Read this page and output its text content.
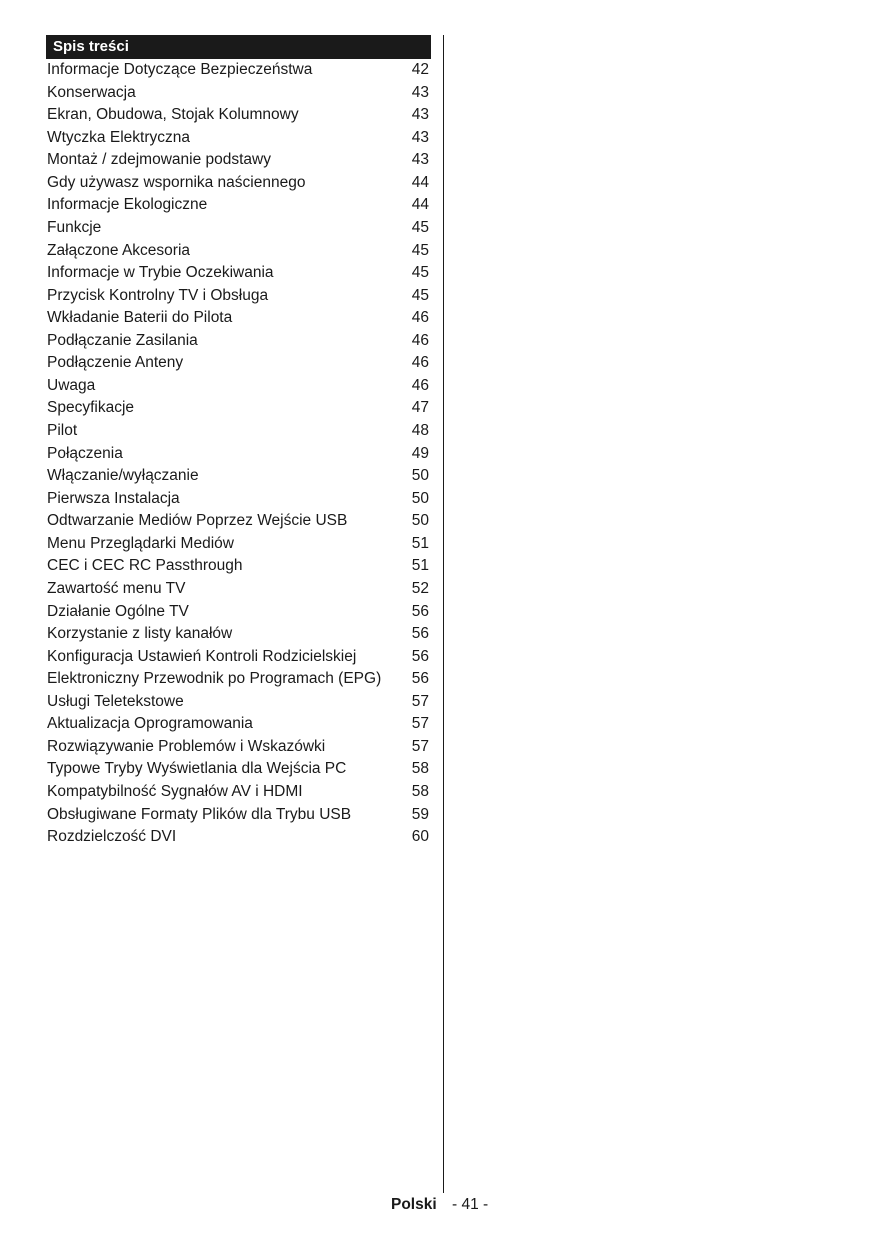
Spis treści
Informacje Dotyczące Bezpieczeństwa	42
Konserwacja	43
Ekran, Obudowa, Stojak Kolumnowy	43
Wtyczka Elektryczna	43
Montaż / zdejmowanie podstawy	43
Gdy używasz wspornika naściennego	44
Informacje Ekologiczne	44
Funkcje	45
Załączone Akcesoria	45
Informacje w Trybie Oczekiwania	45
Przycisk Kontrolny TV i Obsługa	45
Wkładanie Baterii do Pilota	46
Podłączanie Zasilania	46
Podłączenie Anteny	46
Uwaga	46
Specyfikacje	47
Pilot	48
Połączenia	49
Włączanie/wyłączanie	50
Pierwsza Instalacja	50
Odtwarzanie Mediów Poprzez Wejście USB	50
Menu Przeglądarki Mediów	51
CEC i CEC RC Passthrough	51
Zawartość menu TV	52
Działanie Ogólne TV	56
Korzystanie z listy kanałów	56
Konfiguracja Ustawień Kontroli Rodzicielskiej	56
Elektroniczny Przewodnik po Programach (EPG) 56
Usługi Teletekstowe	57
Aktualizacja Oprogramowania	57
Rozwiązywanie Problemów i Wskazówki	57
Typowe Tryby Wyświetlania dla Wejścia PC	58
Kompatybilność Sygnałów AV i HDMI	58
Obsługiwane Formaty Plików dla Trybu USB	59
Rozdzielczość DVI	60
Polski - 41 -
